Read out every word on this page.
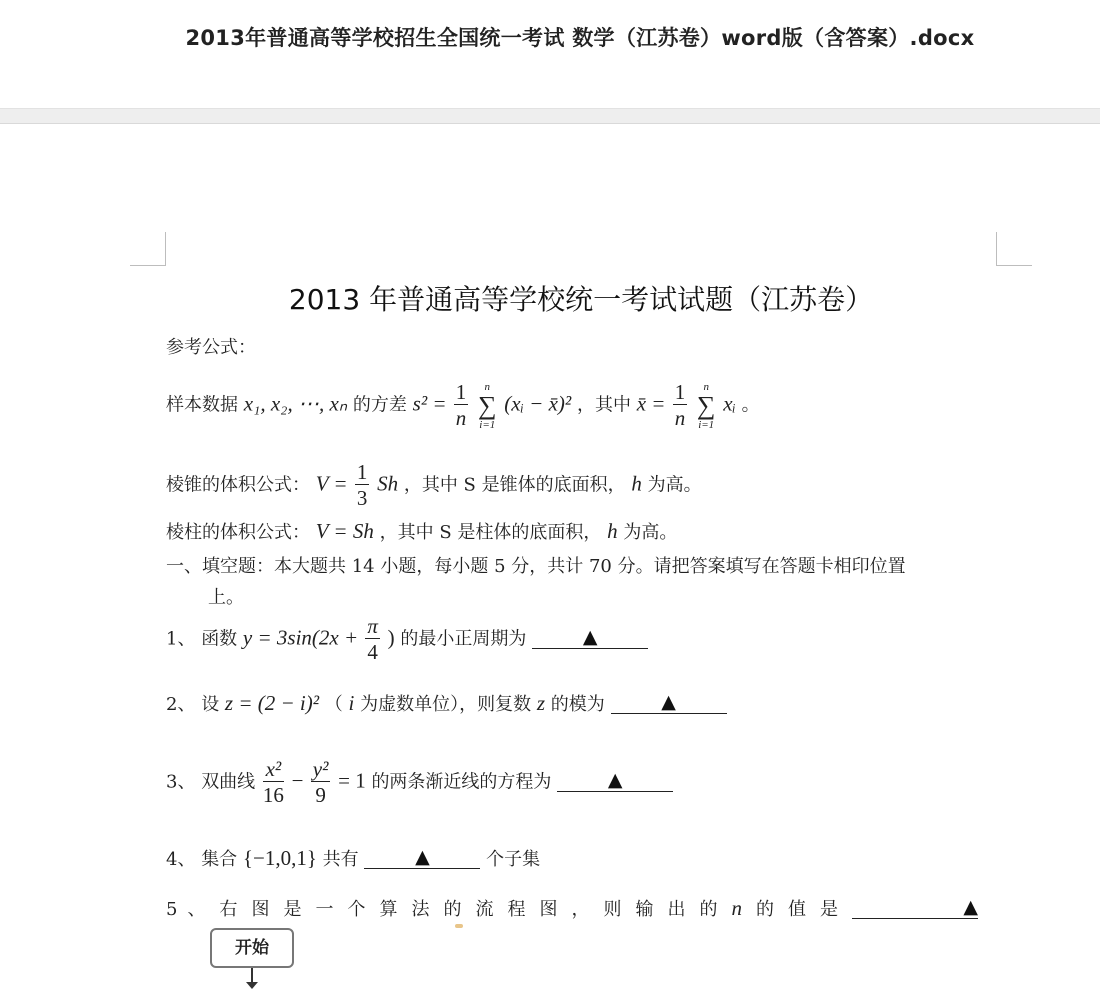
2013年普通高等学校招生全国统一考试 数学（江苏卷）word版（含答案）.docx
2013 年普通高等学校统一考试试题（江苏卷）
参考公式：
样本数据 x₁, x₂, ⋯, xₙ 的方差 $s^2 = \frac{1}{n}$
	n
∑
i=1
(xᵢ − x̄)² ，其中 x̄ = $\frac{1}{n}$
	n
∑
i=1
xᵢ 。
棱锥的体积公式： $V = \frac{1}{3}$ Sh ，其中 S 是锥体的底面积， h 为高。
棱柱的体积公式： V = Sh ，其中 S 是柱体的底面积， h 为高。
一、填空题：本大题共 14 小题，每小题 5 分，共计 70 分。请把答案填写在答题卡相印位置
上。
1、 函数 $y = 3\sin(2x + \frac{\pi}{4}$ ) 的最小正周期为	▲
2、 设 z = (2 − i)² （ i 为虚数单位），则复数 z 的模为	▲
3、 双曲线 $\frac{\text{x²}}{16} - \frac{\text{y²}}{9} = 1$ 的两条渐近线的方程为	▲
4、 集合 {−1,0,1} 共有	▲	个子集
5 、右图是一个算法的流程图，则输出的n 的值是	▲
开始
